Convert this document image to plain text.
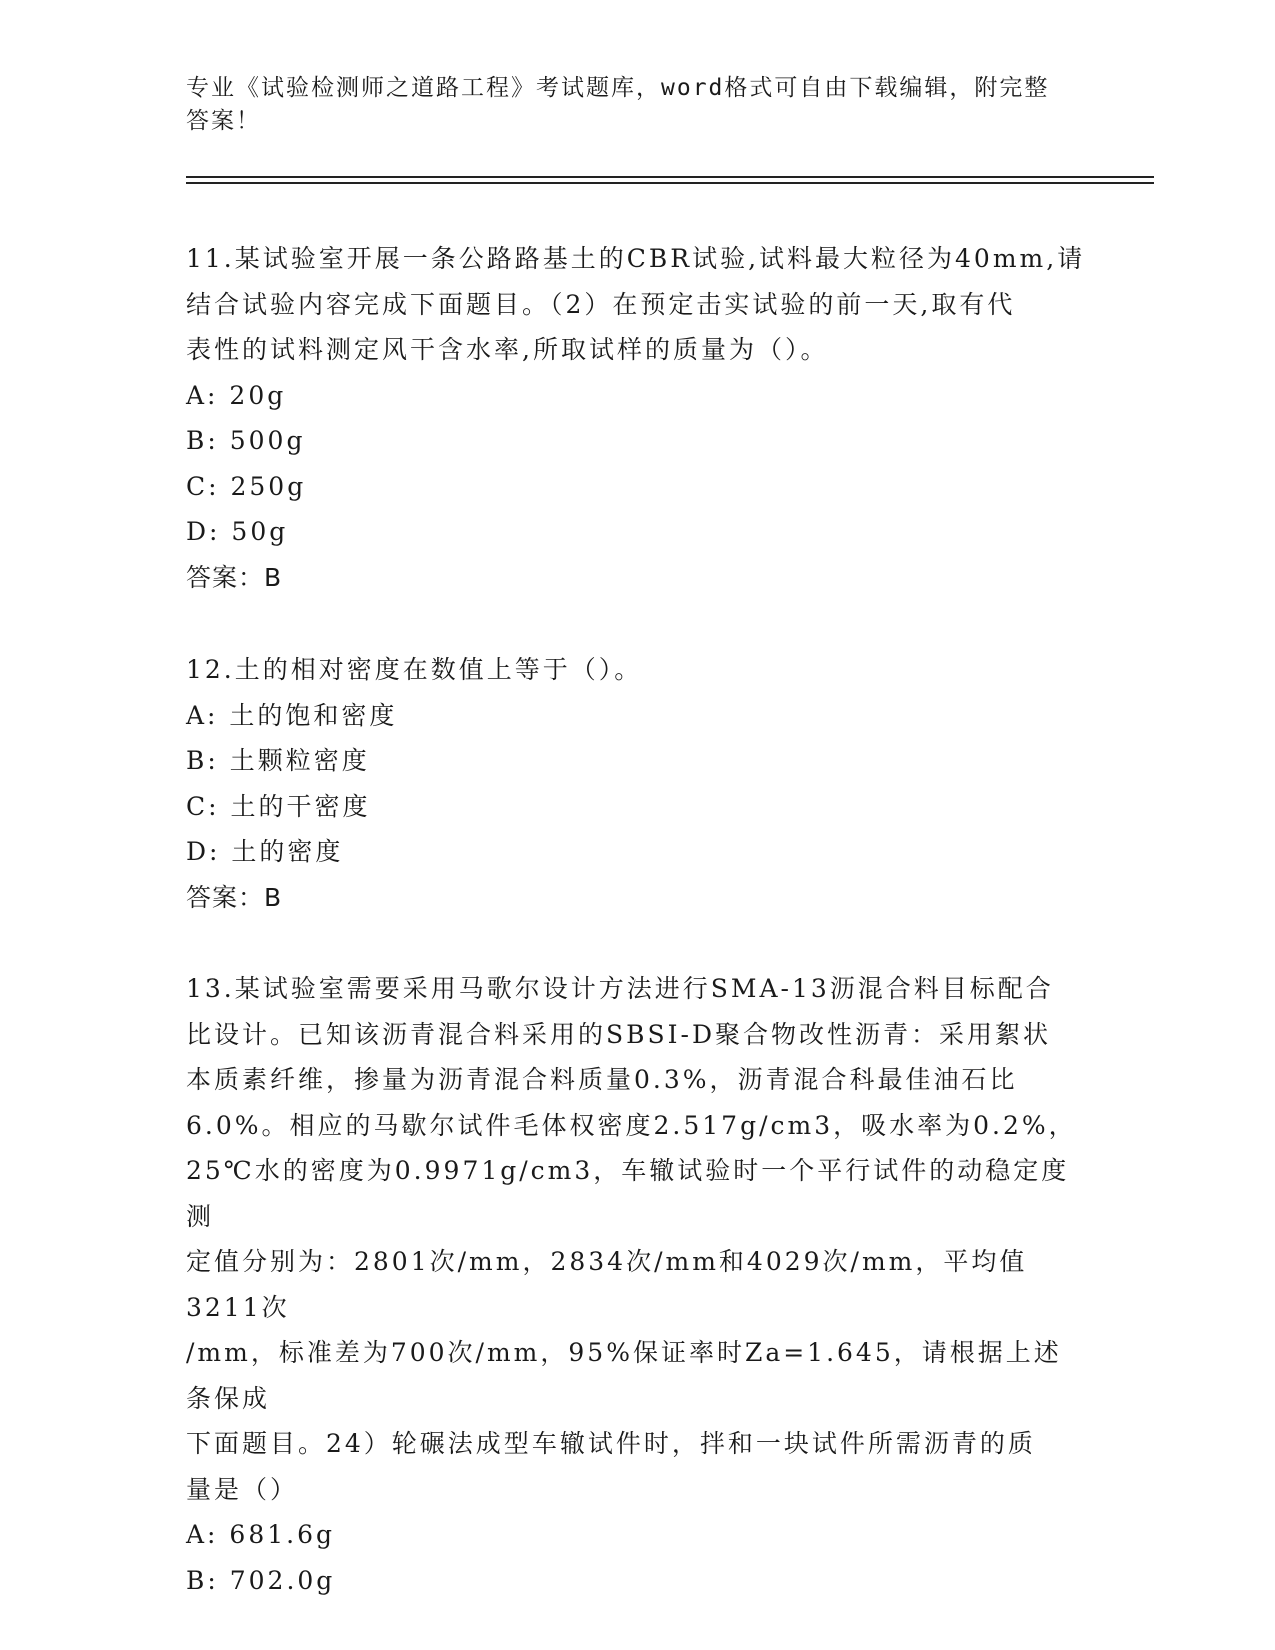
专业《试验检测师之道路工程》考试题库，word格式可自由下载编辑，附完整答案！

11.某试验室开展一条公路路基土的CBR试验,试料最大粒径为40mm,请

结合试验内容完成下面题目。（2）在预定击实试验的前一天,取有代

表性的试料测定风干含水率,所取试样的质量为（）。

A: 20g

B: 500g

C: 250g

D: 50g

答案：B

12.土的相对密度在数值上等于（）。

A: 土的饱和密度

B: 土颗粒密度

C: 土的干密度

D: 土的密度

答案：B

13.某试验室需要采用马歌尔设计方法进行SMA-13沥混合料目标配合

比设计。已知该沥青混合料采用的SBSI-D聚合物改性沥青：采用絮状

本质素纤维，掺量为沥青混合料质量0.3%，沥青混合科最佳油石比

6.0%。相应的马歇尔试件毛体权密度2.517g/cm3，吸水率为0.2%，

25℃水的密度为0.9971g/cm3，车辙试验时一个平行试件的动稳定度测

定值分别为：2801次/mm，2834次/mm和4029次/mm，平均值3211次

/mm，标准差为700次/mm，95%保证率时Za=1.645，请根据上述条保成

下面题目。24）轮碾法成型车辙试件时，拌和一块试件所需沥青的质

量是（）

A: 681.6g

B: 702.0g
